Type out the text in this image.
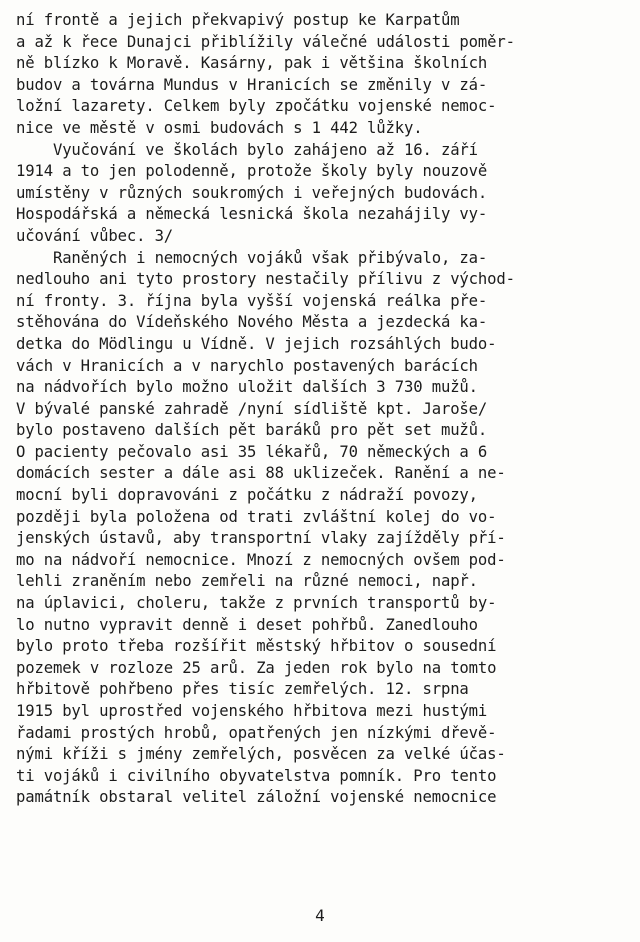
ní frontě a jejich překvapivý postup ke Karpatům
a až k řece Dunajci přiblížily válečné události poměr-
ně blízko k Moravě. Kasárny, pak i většina školních
budov a továrna Mundus v Hranicích se změnily v zá-
ložní lazarety. Celkem byly zpočátku vojenské nemoc-
nice ve městě v osmi budovách s 1 442 lůžky.
Vyučování ve školách bylo zahájeno až 16. září
1914 a to jen polodenně, protože školy byly nouzově
umístěny v různých soukromých i veřejných budovách.
Hospodářská a německá lesnická škola nezahájily vy-
učování vůbec. 3/
Raněných i nemocných vojáků však přibývalo, za-
nedlouho ani tyto prostory nestačily přílivu z východ-
ní fronty. 3. října byla vyšší vojenská reálka pře-
stěhována do Vídeňského Nového Města a jezdecká ka-
detka do Mödlingu u Vídně. V jejich rozsáhlých budo-
vách v Hranicích a v narychlo postavených barácích
na nádvořích bylo možno uložit dalších 3 730 mužů.
V bývalé panské zahradě /nyní sídliště kpt. Jaroše/
bylo postaveno dalších pět baráků pro pět set mužů.
O pacienty pečovalo asi 35 lékařů, 70 německých a 6
domácích sester a dále asi 88 uklizeček. Ranění a ne-
mocní byli dopravováni z počátku z nádraží povozy,
později byla položena od trati zvláštní kolej do vo-
jenských ústavů, aby transportní vlaky zajížděly pří-
mo na nádvoří nemocnice. Mnozí z nemocných ovšem pod-
lehli zraněním nebo zemřeli na různé nemoci, např.
na úplavici, choleru, takže z prvních transportů by-
lo nutno vypravit denně i deset pohřbů. Zanedlouho
bylo proto třeba rozšířit městský hřbitov o sousední
pozemek v rozloze 25 arů. Za jeden rok bylo na tomto
hřbitově pohřbeno přes tisíc zemřelých. 12. srpna
1915 byl uprostřed vojenského hřbitova mezi hustými
řadami prostých hrobů, opatřených jen nízkými dřevě-
nými kříži s jmény zemřelých, posvěcen za velké účas-
ti vojáků i civilního obyvatelstva pomník. Pro tento
památník obstaral velitel záložní vojenské nemocnice
4
